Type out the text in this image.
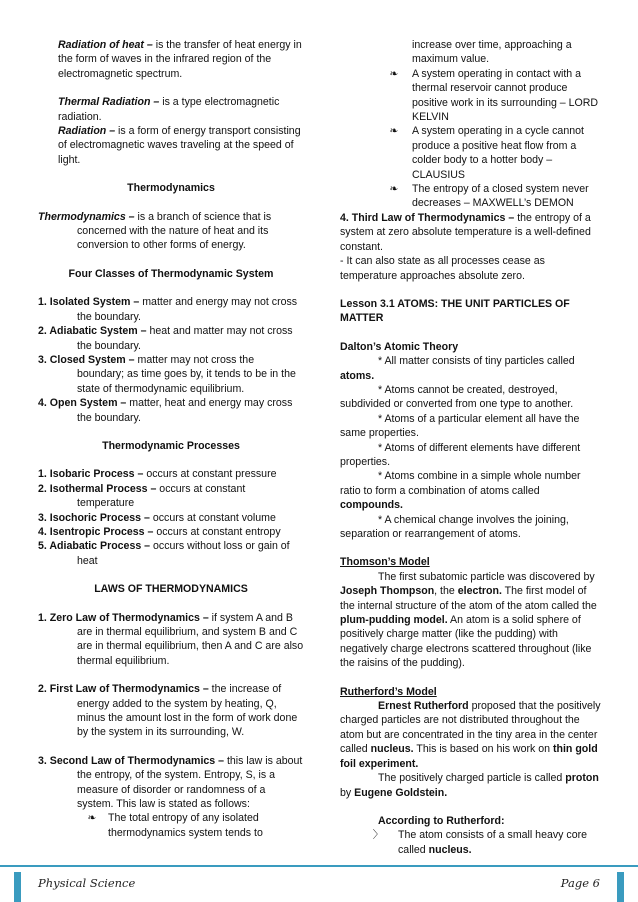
Radiation of heat – is the transfer of heat energy in the form of waves in the infrared region of the electromagnetic spectrum.

Thermal Radiation – is a type electromagnetic radiation.

Radiation – is a form of energy transport consisting of electromagnetic waves traveling at the speed of light.

Thermodynamics

Thermodynamics – is a branch of science that is concerned with the nature of heat and its conversion to other forms of energy.

Four Classes of Thermodynamic System

1. Isolated System – matter and energy may not cross the boundary.

2. Adiabatic System – heat and matter may not cross the boundary.

3. Closed System – matter may not cross the boundary; as time goes by, it tends to be in the state of thermodynamic equilibrium.

4. Open System – matter, heat and energy may cross the boundary.

Thermodynamic Processes

1. Isobaric Process – occurs at constant pressure

2. Isothermal Process – occurs at constant temperature

3. Isochoric Process – occurs at constant volume

4. Isentropic Process – occurs at constant entropy

5. Adiabatic Process – occurs without loss or gain of heat

LAWS OF THERMODYNAMICS

1. Zero Law of Thermodynamics – if system A and B are in thermal equilibrium, and system B and C are in thermal equilibrium, then A and C are also thermal equilibrium.

2. First Law of Thermodynamics – the increase of energy added to the system by heating, Q, minus the amount lost in the form of work done by the system in its surrounding, W.

3. Second Law of Thermodynamics – this law is about the entropy, of the system. Entropy, S, is a measure of disorder or randomness of a system. This law is stated as follows:

❧	The total entropy of any isolated thermodynamics system tends to
increase over time, approaching a maximum value.
❧	A system operating in contact with a thermal reservoir cannot produce positive work in its surrounding – LORD KELVIN
❧	A system operating in a cycle cannot produce a positive heat flow from a colder body to a hotter body – CLAUSIUS
❧	The entropy of a closed system never decreases – MAXWELL’s DEMON

4. Third Law of Thermodynamics – the entropy of a system at zero absolute temperature is a well-defined constant.

- It can also state as all processes cease as temperature approaches absolute zero.

Lesson 3.1 ATOMS: THE UNIT PARTICLES OF MATTER

Dalton’s Atomic Theory

* All matter consists of tiny particles called atoms.

* Atoms cannot be created, destroyed, subdivided or converted from one type to another.

* Atoms of a particular element all have the same properties.

* Atoms of different elements have different properties.

* Atoms combine in a simple whole number ratio to form a combination of atoms called compounds.

* A chemical change involves the joining, separation or rearrangement of atoms.

Thomson’s Model

The first subatomic particle was discovered by Joseph Thompson, the electron. The first model of the internal structure of the atom of the atom called the plum-pudding model. An atom is a solid sphere of positively charge matter (like the pudding) with negatively charge electrons scattered throughout (like the raisins of the pudding).

Rutherford’s Model

Ernest Rutherford proposed that the positively charged particles are not distributed throughout the atom but are concentrated in the tiny area in the center called nucleus. This is based on his work on thin gold foil experiment.

The positively charged particle is called proton by Eugene Goldstein.

According to Rutherford:

〉 The atom consists of a small heavy core called nucleus.
Physical Science	Page 6
